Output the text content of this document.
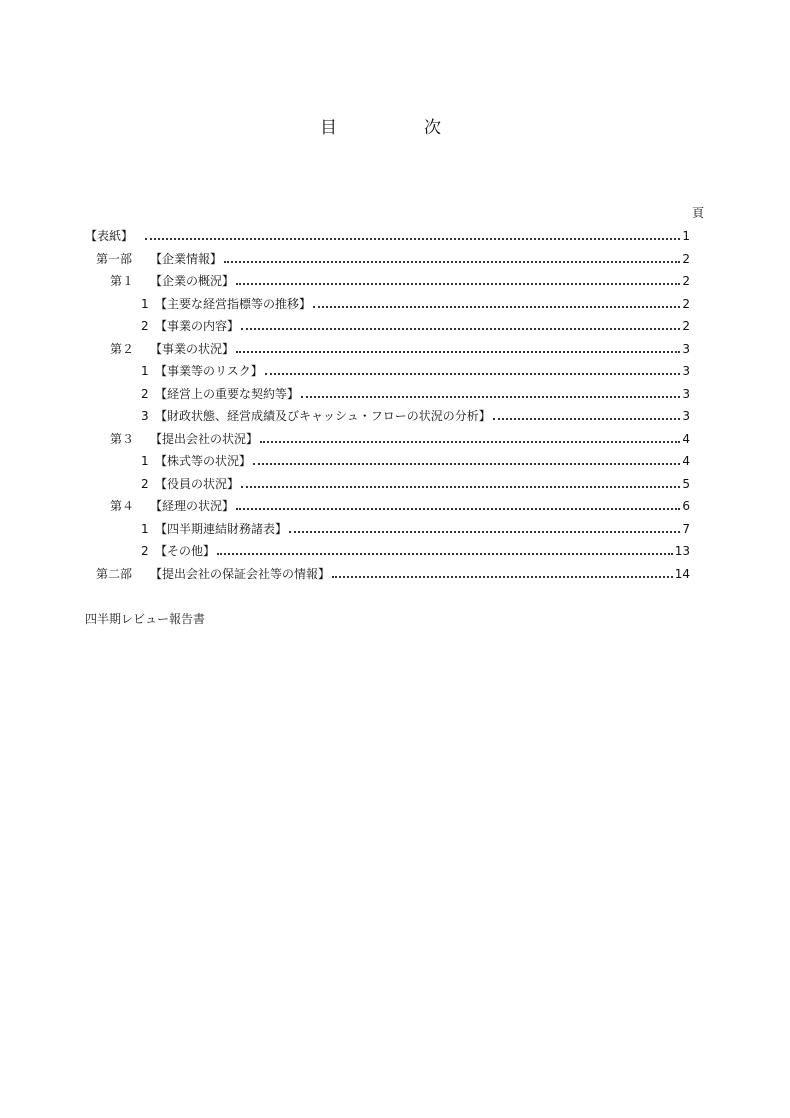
目	次
頁
【表紙】	1
第一部 【企業情報】	2
第１ 【企業の概況】	2
1 【主要な経営指標等の推移】	2
2 【事業の内容】	2
第２ 【事業の状況】	3
1 【事業等のリスク】	3
2 【経営上の重要な契約等】	3
3 【財政状態、経営成績及びキャッシュ・フローの状況の分析】	3
第３ 【提出会社の状況】	4
1 【株式等の状況】	4
2 【役員の状況】	5
第４ 【経理の状況】	6
1 【四半期連結財務諸表】	7
2 【その他】	13
第二部 【提出会社の保証会社等の情報】	14
四半期レビュー報告書
